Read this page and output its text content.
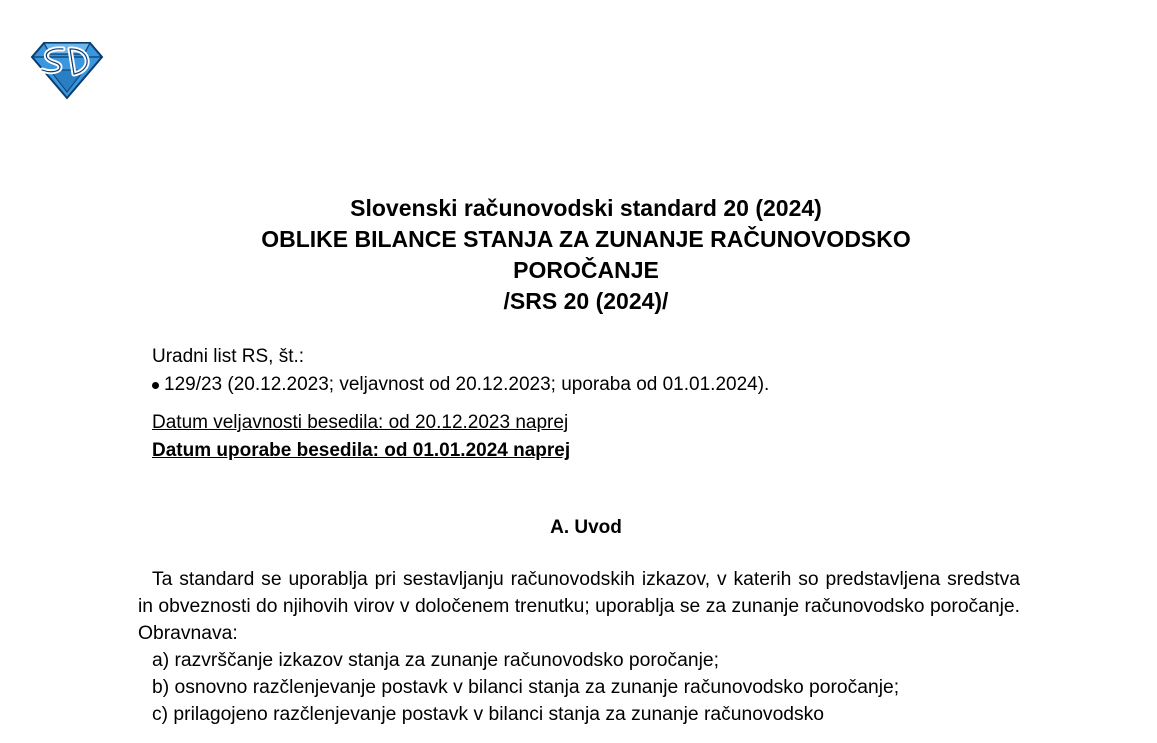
Slovenski računovodski standard 20 (2024)
OBLIKE BILANCE STANJA ZA ZUNANJE RAČUNOVODSKO
POROČANJE
/SRS 20 (2024)/
Uradni list RS, št.:
129/23 (20.12.2023; veljavnost od 20.12.2023; uporaba od 01.01.2024).
Datum veljavnosti besedila: od 20.12.2023 naprej
Datum uporabe besedila: od 01.01.2024 naprej
A. Uvod

Ta standard se uporablja pri sestavljanju računovodskih izkazov, v katerih so predstavljena sredstva in obveznosti do njihovih virov v določenem trenutku; uporablja se za zunanje računovodsko poročanje. Obravnava:

a) razvrščanje izkazov stanja za zunanje računovodsko poročanje;

b) osnovno razčlenjevanje postavk v bilanci stanja za zunanje računovodsko poročanje;

c) prilagojeno razčlenjevanje postavk v bilanci stanja za zunanje računovodsko
